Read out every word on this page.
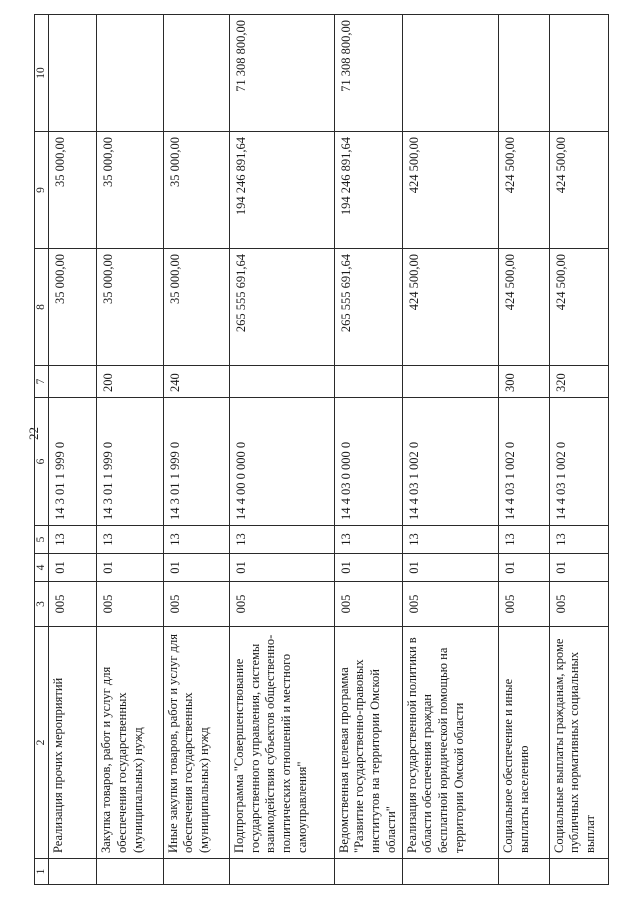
22
1	2	3	4	5	6	7	8	9	10
	Реализация прочих мероприятий	005	01	13	14 3 01 1 999 0		35 000,00	35 000,00	
	Закупка товаров, работ и услуг для обеспечения государственных (муниципальных) нужд	005	01	13	14 3 01 1 999 0	200	35 000,00	35 000,00	
	Иные закупки товаров, работ и услуг для обеспечения государственных (муниципальных) нужд	005	01	13	14 3 01 1 999 0	240	35 000,00	35 000,00	
	Подпрограмма "Совершенствование государственного управления, системы взаимодействия субъектов общественно-политических отношений и местного самоуправления"	005	01	13	14 4 00 0 000 0		265 555 691,64	194 246 891,64	71 308 800,00
	Ведомственная целевая программа "Развитие государственно-правовых институтов на территории Омской области"	005	01	13	14 4 03 0 000 0		265 555 691,64	194 246 891,64	71 308 800,00
	Реализация государственной политики в области обеспечения граждан бесплатной юридической помощью на территории Омской области	005	01	13	14 4 03 1 002 0		424 500,00	424 500,00	
	Социальное обеспечение и иные выплаты населению	005	01	13	14 4 03 1 002 0	300	424 500,00	424 500,00	
	Социальные выплаты гражданам, кроме публичных нормативных социальных выплат	005	01	13	14 4 03 1 002 0	320	424 500,00	424 500,00	
